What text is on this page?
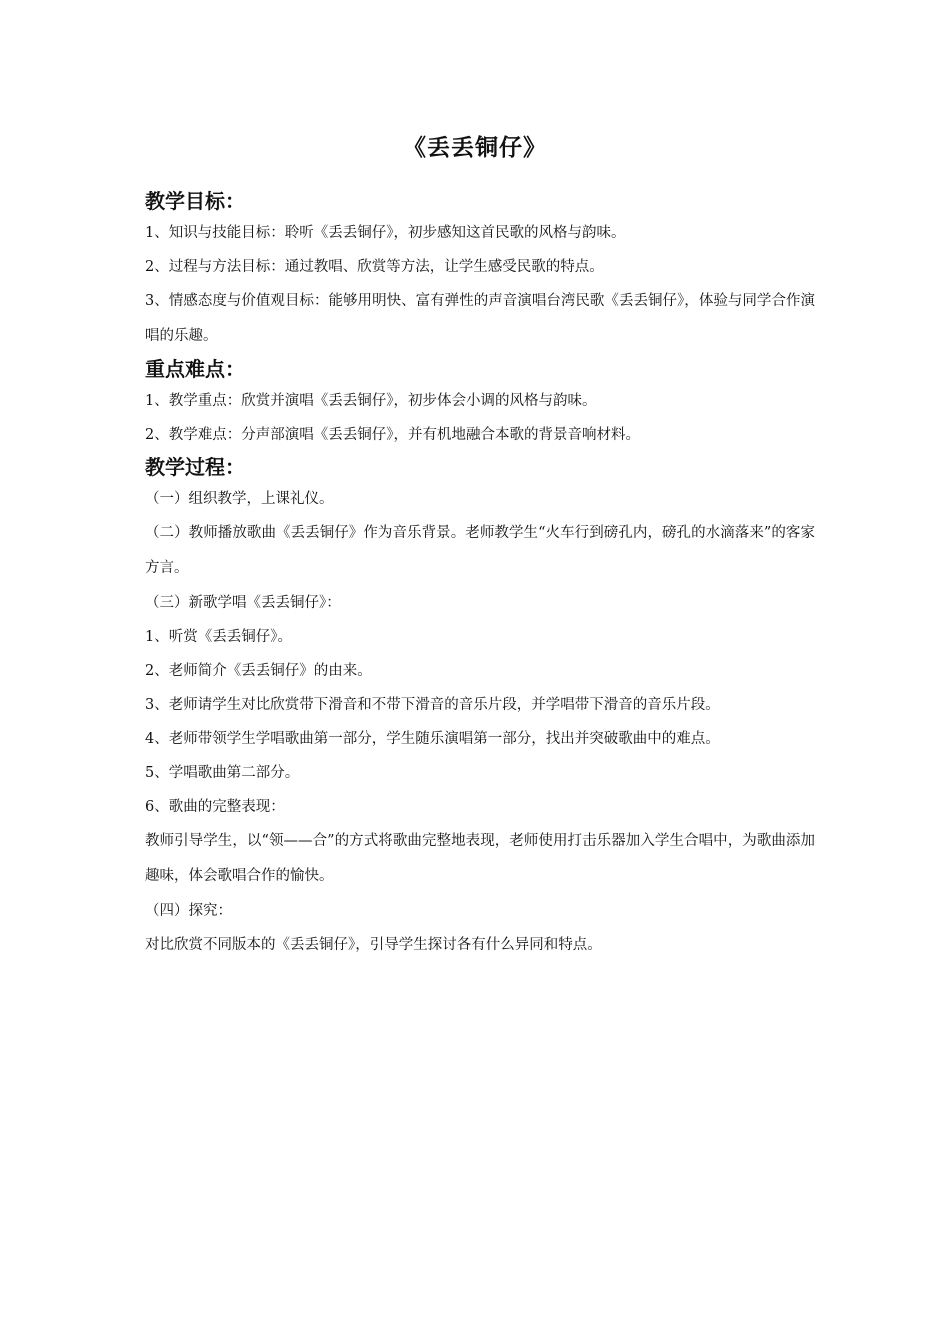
《丢丢铜仔》
教学目标：

1、知识与技能目标：聆听《丢丢铜仔》，初步感知这首民歌的风格与韵味。

2、过程与方法目标：通过教唱、欣赏等方法，让学生感受民歌的特点。

3、情感态度与价值观目标：能够用明快、富有弹性的声音演唱台湾民歌《丢丢铜仔》，体验与同学合作演唱的乐趣。

重点难点：

1、教学重点：欣赏并演唱《丢丢铜仔》，初步体会小调的风格与韵味。

2、教学难点：分声部演唱《丢丢铜仔》，并有机地融合本歌的背景音响材料。

教学过程：

（一）组织教学，上课礼仪。

（二）教师播放歌曲《丢丢铜仔》作为音乐背景。老师教学生“火车行到磅孔内，磅孔的水滴落来”的客家方言。

（三）新歌学唱《丢丢铜仔》：

1、听赏《丢丢铜仔》。

2、老师简介《丢丢铜仔》的由来。

3、老师请学生对比欣赏带下滑音和不带下滑音的音乐片段，并学唱带下滑音的音乐片段。

4、老师带领学生学唱歌曲第一部分，学生随乐演唱第一部分，找出并突破歌曲中的难点。

5、学唱歌曲第二部分。

6、歌曲的完整表现：

教师引导学生，以“领——合”的方式将歌曲完整地表现，老师使用打击乐器加入学生合唱中，为歌曲添加趣味，体会歌唱合作的愉快。

（四）探究：

对比欣赏不同版本的《丢丢铜仔》，引导学生探讨各有什么异同和特点。
